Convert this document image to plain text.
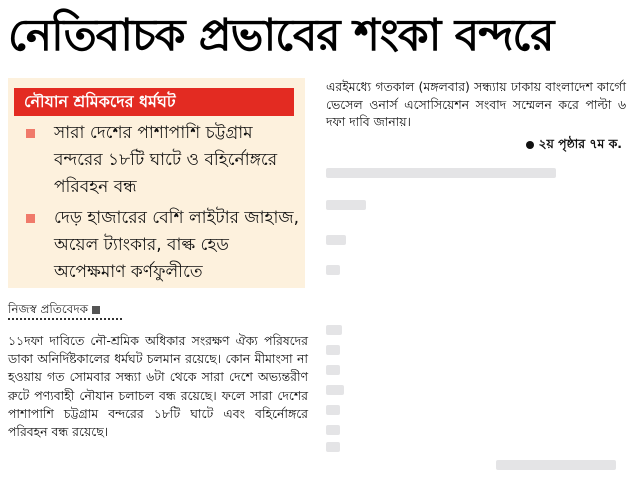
নেতিবাচক প্রভাবের শংকা বন্দরে
নৌযান শ্রমিকদের ধর্মঘট
সারা দেশের পাশাপাশি চট্টগ্রাম বন্দরের ১৮টি ঘাটে ও বহির্নোঙ্গরে পরিবহন বন্ধ
দেড় হাজারের বেশি লাইটার জাহাজ, অয়েল ট্যাংকার, বাল্ক হেড অপেক্ষমাণ কর্ণফুলীতে
নিজস্ব প্রতিবেদক
১১দফা দাবিতে নৌ-শ্রমিক অধিকার সংরক্ষণ ঐক্য পরিষদের ডাকা অনির্দিষ্টকালের ধর্মঘট চলমান রয়েছে। কোন মীমাংসা না হওয়ায় গত সোমবার সন্ধ্যা ৬টা থেকে সারা দেশে অভ্যন্তরীণ রুটে পণ্যবাহী নৌযান চলাচল বন্ধ রয়েছে। ফলে সারা দেশের পাশাপাশি চট্টগ্রাম বন্দরের ১৮টি ঘাটে এবং বহির্নোঙ্গরে পরিবহন বন্ধ রয়েছে।
এরইমধ্যে গতকাল (মঙ্গলবার) সন্ধ্যায় ঢাকায় বাংলাদেশ কার্গো ভেসেল ওনার্স এসোসিয়েশন সংবাদ সম্মেলন করে পাল্টা ৬ দফা দাবি জানায়।
২য় পৃষ্ঠার ৭ম ক.
